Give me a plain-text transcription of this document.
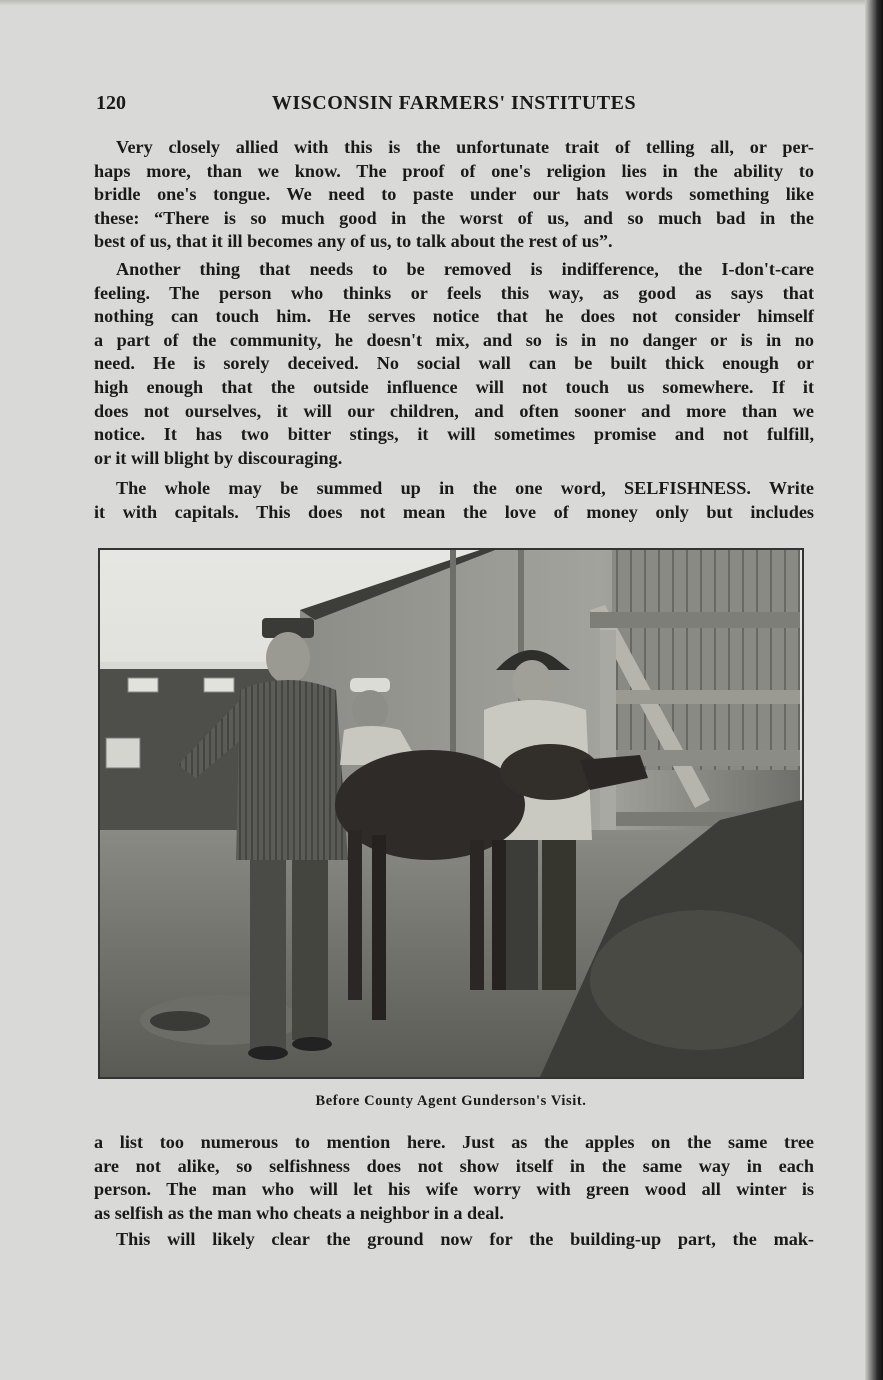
120	WISCONSIN FARMERS' INSTITUTES

Very closely allied with this is the unfortunate trait of telling all, or per-
haps more, than we know. The proof of one's religion lies in the ability to
bridle one's tongue. We need to paste under our hats words something like
these: “There is so much good in the worst of us, and so much bad in the
best of us, that it ill becomes any of us, to talk about the rest of us”.

Another thing that needs to be removed is indifference, the I-don't-care
feeling. The person who thinks or feels this way, as good as says that
nothing can touch him. He serves notice that he does not consider himself
a part of the community, he doesn't mix, and so is in no danger or is in no
need. He is sorely deceived. No social wall can be built thick enough or
high enough that the outside influence will not touch us somewhere. If it
does not ourselves, it will our children, and often sooner and more than we
notice. It has two bitter stings, it will sometimes promise and not fulfill,
or it will blight by discouraging.

The whole may be summed up in the one word, SELFISHNESS. Write
it with capitals. This does not mean the love of money only but includes

Before County Agent Gunderson's Visit.

a list too numerous to mention here. Just as the apples on the same tree
are not alike, so selfishness does not show itself in the same way in each
person. The man who will let his wife worry with green wood all winter is
as selfish as the man who cheats a neighbor in a deal.

This will likely clear the ground now for the building-up part, the mak-
